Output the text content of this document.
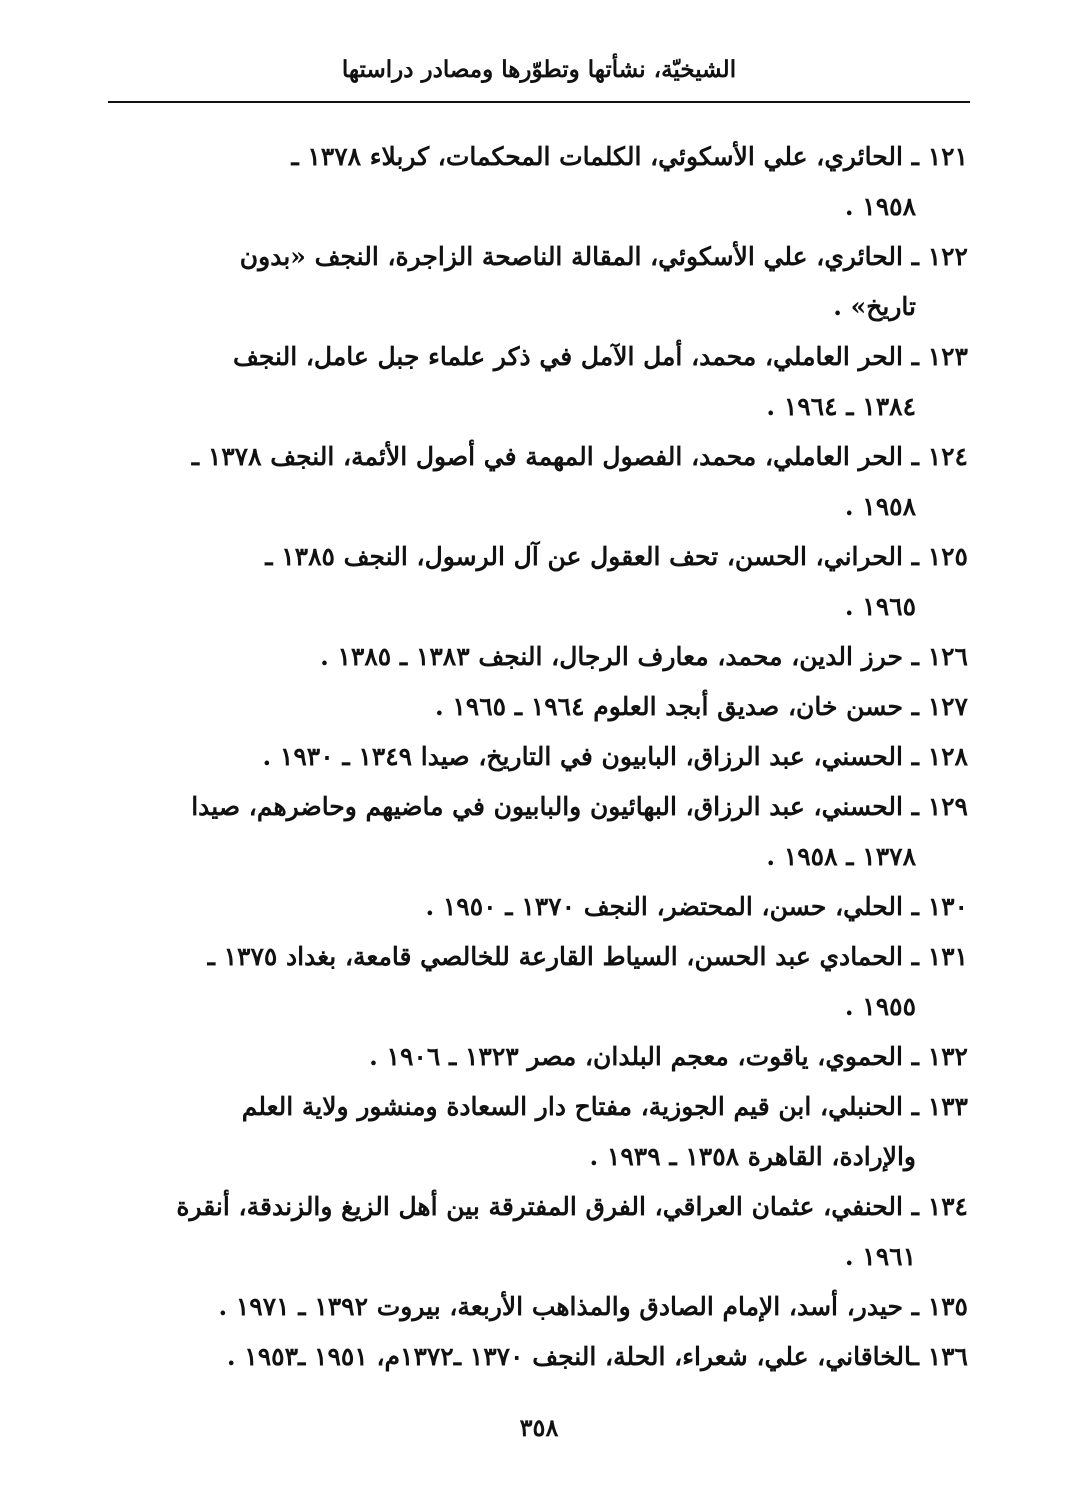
الشيخيّة، نشأتها وتطوّرها ومصادر دراستها
١٢١ ـ الحائري، علي الأسكوئي، الكلمات المحكمات، كربلاء ١٣٧٨ ـ
١٩٥٨ .
١٢٢ ـ الحائري، علي الأسكوئي، المقالة الناصحة الزاجرة، النجف «بدون
تاريخ» .
١٢٣ ـ الحر العاملي، محمد، أمل الآمل في ذكر علماء جبل عامل، النجف
١٣٨٤ ـ ١٩٦٤ .
١٢٤ ـ الحر العاملي، محمد، الفصول المهمة في أصول الأئمة، النجف ١٣٧٨ ـ
١٩٥٨ .
١٢٥ ـ الحراني، الحسن، تحف العقول عن آل الرسول، النجف ١٣٨٥ ـ
١٩٦٥ .
١٢٦ ـ حرز الدين، محمد، معارف الرجال، النجف ١٣٨٣ ـ ١٣٨٥ .
١٢٧ ـ حسن خان، صديق أبجد العلوم ١٩٦٤ ـ ١٩٦٥ .
١٢٨ ـ الحسني، عبد الرزاق، البابيون في التاريخ، صيدا ١٣٤٩ ـ ١٩٣٠ .
١٢٩ ـ الحسني، عبد الرزاق، البهائيون والبابيون في ماضيهم وحاضرهم، صيدا
١٣٧٨ ـ ١٩٥٨ .
١٣٠ ـ الحلي، حسن، المحتضر، النجف ١٣٧٠ ـ ١٩٥٠ .
١٣١ ـ الحمادي عبد الحسن، السياط القارعة للخالصي قامعة، بغداد ١٣٧٥ ـ
١٩٥٥ .
١٣٢ ـ الحموي، ياقوت، معجم البلدان، مصر ١٣٢٣ ـ ١٩٠٦ .
١٣٣ ـ الحنبلي، ابن قيم الجوزية، مفتاح دار السعادة ومنشور ولاية العلم
والإرادة، القاهرة ١٣٥٨ ـ ١٩٣٩ .
١٣٤ ـ الحنفي، عثمان العراقي، الفرق المفترقة بين أهل الزيغ والزندقة، أنقرة
١٩٦١ .
١٣٥ ـ حيدر، أسد، الإمام الصادق والمذاهب الأربعة، بيروت ١٣٩٢ ـ ١٩٧١ .
١٣٦ ـالخاقاني، علي، شعراء، الحلة، النجف ١٣٧٠ ـ١٣٧٢م، ١٩٥١ ـ١٩٥٣ .
٣٥٨
